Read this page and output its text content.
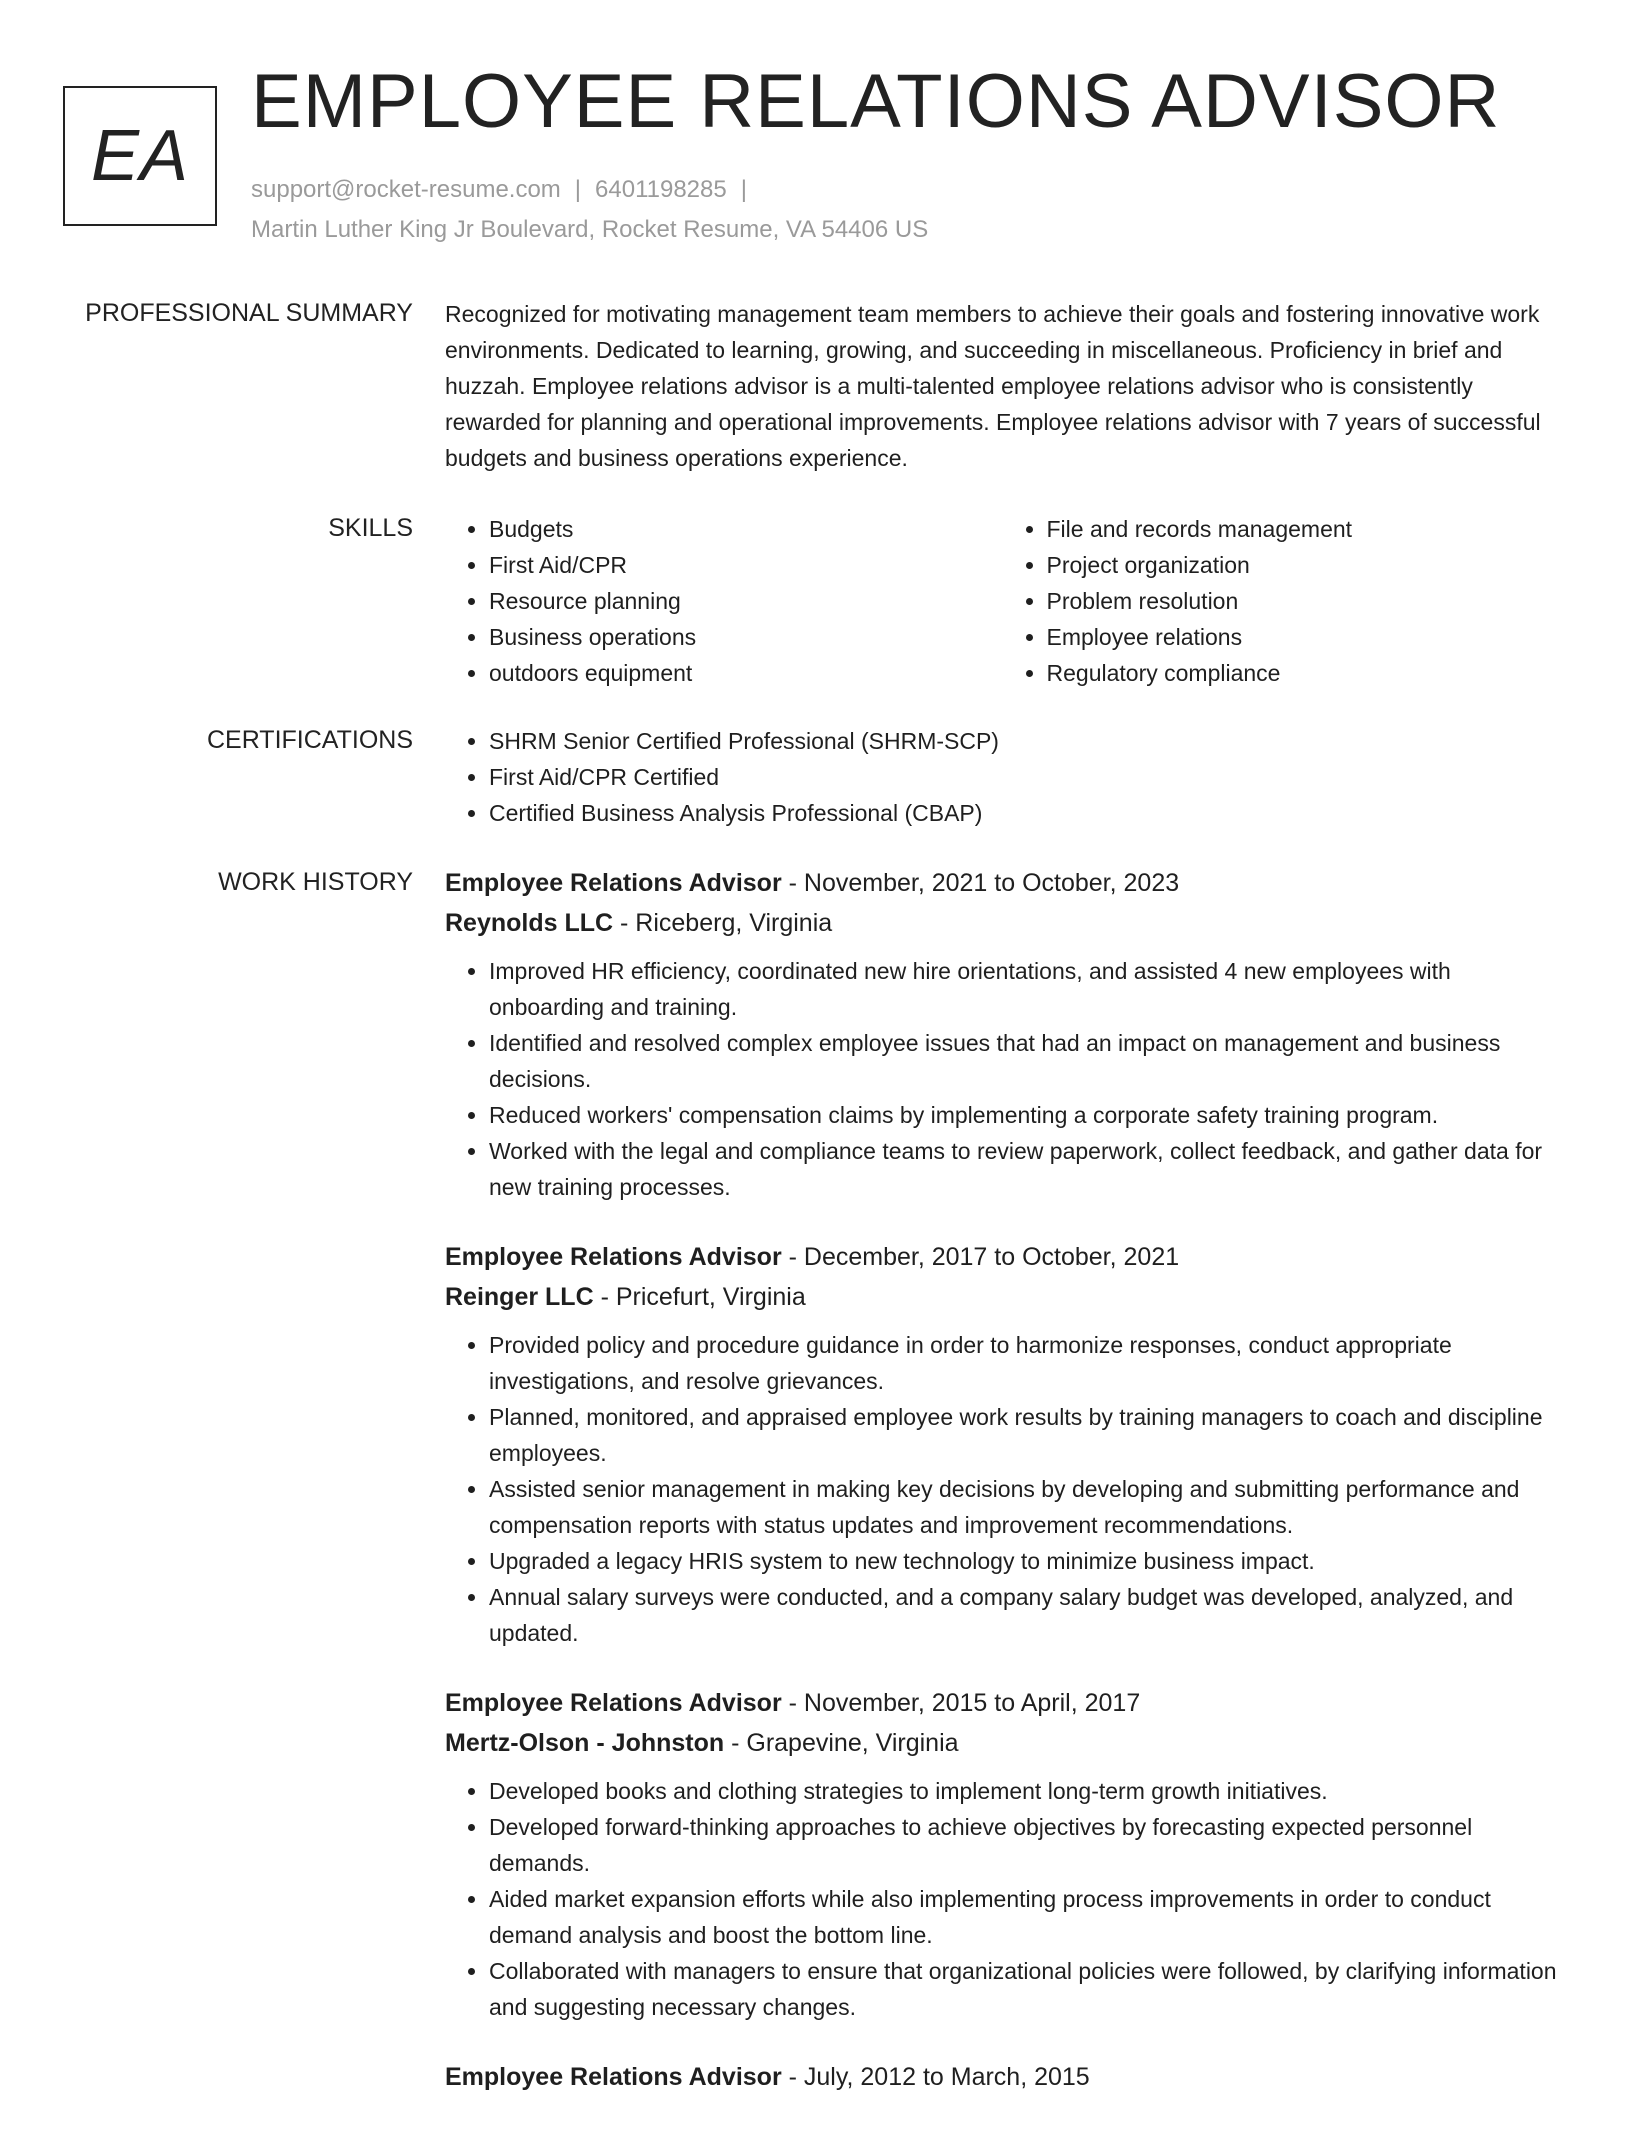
EA
EMPLOYEE RELATIONS ADVISOR
support@rocket-resume.com | 6401198285 |
Martin Luther King Jr Boulevard, Rocket Resume, VA 54406 US
PROFESSIONAL SUMMARY Recognized for motivating management team members to achieve their goals and fostering innovative work environments. Dedicated to learning, growing, and succeeding in miscellaneous. Proficiency in brief and huzzah. Employee relations advisor is a multi-talented employee relations advisor who is consistently rewarded for planning and operational improvements. Employee relations advisor with 7 years of successful budgets and business operations experience.

SKILLS	• Budgets
• First Aid/CPR
• Resource planning
• Business operations
• outdoors equipment
• File and records management
• Project organization
• Problem resolution
• Employee relations
• Regulatory compliance
CERTIFICATIONS	• SHRM Senior Certified Professional (SHRM-SCP)
• First Aid/CPR Certified
• Certified Business Analysis Professional (CBAP)
WORK HISTORY Employee Relations Advisor - November, 2021 to October, 2023
Reynolds LLC - Riceberg, Virginia
• Improved HR efficiency, coordinated new hire orientations, and assisted 4 new employees with onboarding and training.
• Identified and resolved complex employee issues that had an impact on management and business decisions.
• Reduced workers' compensation claims by implementing a corporate safety training program.
• Worked with the legal and compliance teams to review paperwork, collect feedback, and gather data for new training processes.
Employee Relations Advisor - December, 2017 to October, 2021
Reinger LLC - Pricefurt, Virginia
• Provided policy and procedure guidance in order to harmonize responses, conduct appropriate investigations, and resolve grievances.
• Planned, monitored, and appraised employee work results by training managers to coach and discipline employees.
• Assisted senior management in making key decisions by developing and submitting performance and compensation reports with status updates and improvement recommendations.
• Upgraded a legacy HRIS system to new technology to minimize business impact.
• Annual salary surveys were conducted, and a company salary budget was developed, analyzed, and updated.
Employee Relations Advisor - November, 2015 to April, 2017
Mertz-Olson - Johnston - Grapevine, Virginia
• Developed books and clothing strategies to implement long-term growth initiatives.
• Developed forward-thinking approaches to achieve objectives by forecasting expected personnel demands.
• Aided market expansion efforts while also implementing process improvements in order to conduct demand analysis and boost the bottom line.
• Collaborated with managers to ensure that organizational policies were followed, by clarifying information and suggesting necessary changes.
Employee Relations Advisor - July, 2012 to March, 2015
